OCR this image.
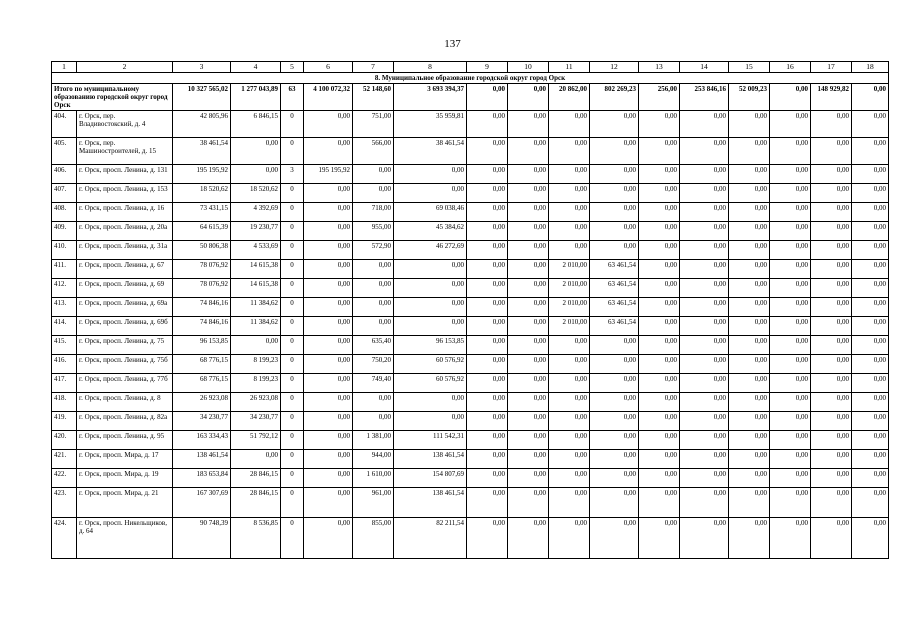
137
1	2	3	4	5	6	7	8	9	10	11	12	13	14	15	16	17	18
8. Муниципальное образование городской округ город Орск																	
Итого по муниципальному образованию городской округ город Орск		10 327 565,02	1 277 043,89	63	4 100 072,32	52 148,60	3 693 394,37	0,00	0,00	20 862,00	802 269,23	256,00	253 846,16	52 009,23	0,00	148 929,82	0,00
404.	г. Орск, пер. Владивостокский, д. 4	42 805,96	6 846,15	0	0,00	751,00	35 959,81	0,00	0,00	0,00	0,00	0,00	0,00	0,00	0,00	0,00	0,00
405.	г. Орск, пер. Машиностроителей, д. 15	38 461,54	0,00	0	0,00	566,00	38 461,54	0,00	0,00	0,00	0,00	0,00	0,00	0,00	0,00	0,00	0,00
406.	г. Орск, просп. Ленина, д. 131	195 195,92	0,00	3	195 195,92	0,00	0,00	0,00	0,00	0,00	0,00	0,00	0,00	0,00	0,00	0,00	0,00
407.	г. Орск, просп. Ленина, д. 153	18 520,62	18 520,62	0	0,00	0,00	0,00	0,00	0,00	0,00	0,00	0,00	0,00	0,00	0,00	0,00	0,00
408.	г. Орск, просп. Ленина, д. 16	73 431,15	4 392,69	0	0,00	718,00	69 038,46	0,00	0,00	0,00	0,00	0,00	0,00	0,00	0,00	0,00	0,00
409.	г. Орск, просп. Ленина, д. 20а	64 615,39	19 230,77	0	0,00	955,00	45 384,62	0,00	0,00	0,00	0,00	0,00	0,00	0,00	0,00	0,00	0,00
410.	г. Орск, просп. Ленина, д. 31а	50 806,38	4 533,69	0	0,00	572,90	46 272,69	0,00	0,00	0,00	0,00	0,00	0,00	0,00	0,00	0,00	0,00
411.	г. Орск, просп. Ленина, д. 67	78 076,92	14 615,38	0	0,00	0,00	0,00	0,00	0,00	2 010,00	63 461,54	0,00	0,00	0,00	0,00	0,00	0,00
412.	г. Орск, просп. Ленина, д. 69	78 076,92	14 615,38	0	0,00	0,00	0,00	0,00	0,00	2 010,00	63 461,54	0,00	0,00	0,00	0,00	0,00	0,00
413.	г. Орск, просп. Ленина, д. 69а	74 846,16	11 384,62	0	0,00	0,00	0,00	0,00	0,00	2 010,00	63 461,54	0,00	0,00	0,00	0,00	0,00	0,00
414.	г. Орск, просп. Ленина, д. 69б	74 846,16	11 384,62	0	0,00	0,00	0,00	0,00	0,00	2 010,00	63 461,54	0,00	0,00	0,00	0,00	0,00	0,00
415.	г. Орск, просп. Ленина, д. 75	96 153,85	0,00	0	0,00	635,40	96 153,85	0,00	0,00	0,00	0,00	0,00	0,00	0,00	0,00	0,00	0,00
416.	г. Орск, просп. Ленина, д. 75б	68 776,15	8 199,23	0	0,00	750,20	60 576,92	0,00	0,00	0,00	0,00	0,00	0,00	0,00	0,00	0,00	0,00
417.	г. Орск, просп. Ленина, д. 77б	68 776,15	8 199,23	0	0,00	749,40	60 576,92	0,00	0,00	0,00	0,00	0,00	0,00	0,00	0,00	0,00	0,00
418.	г. Орск, просп. Ленина, д. 8	26 923,08	26 923,08	0	0,00	0,00	0,00	0,00	0,00	0,00	0,00	0,00	0,00	0,00	0,00	0,00	0,00
419.	г. Орск, просп. Ленина, д. 82а	34 230,77	34 230,77	0	0,00	0,00	0,00	0,00	0,00	0,00	0,00	0,00	0,00	0,00	0,00	0,00	0,00
420.	г. Орск, просп. Ленина, д. 95	163 334,43	51 792,12	0	0,00	1 381,00	111 542,31	0,00	0,00	0,00	0,00	0,00	0,00	0,00	0,00	0,00	0,00
421.	г. Орск, просп. Мира, д. 17	138 461,54	0,00	0	0,00	944,00	138 461,54	0,00	0,00	0,00	0,00	0,00	0,00	0,00	0,00	0,00	0,00
422.	г. Орск, просп. Мира, д. 19	183 653,84	28 846,15	0	0,00	1 610,00	154 807,69	0,00	0,00	0,00	0,00	0,00	0,00	0,00	0,00	0,00	0,00
423.	г. Орск, просп. Мира, д. 21	167 307,69	28 846,15	0	0,00	961,00	138 461,54	0,00	0,00	0,00	0,00	0,00	0,00	0,00	0,00	0,00	0,00
424.	г. Орск, просп. Никельщиков, д. 64	90 748,39	8 536,85	0	0,00	855,00	82 211,54	0,00	0,00	0,00	0,00	0,00	0,00	0,00	0,00	0,00	0,00
